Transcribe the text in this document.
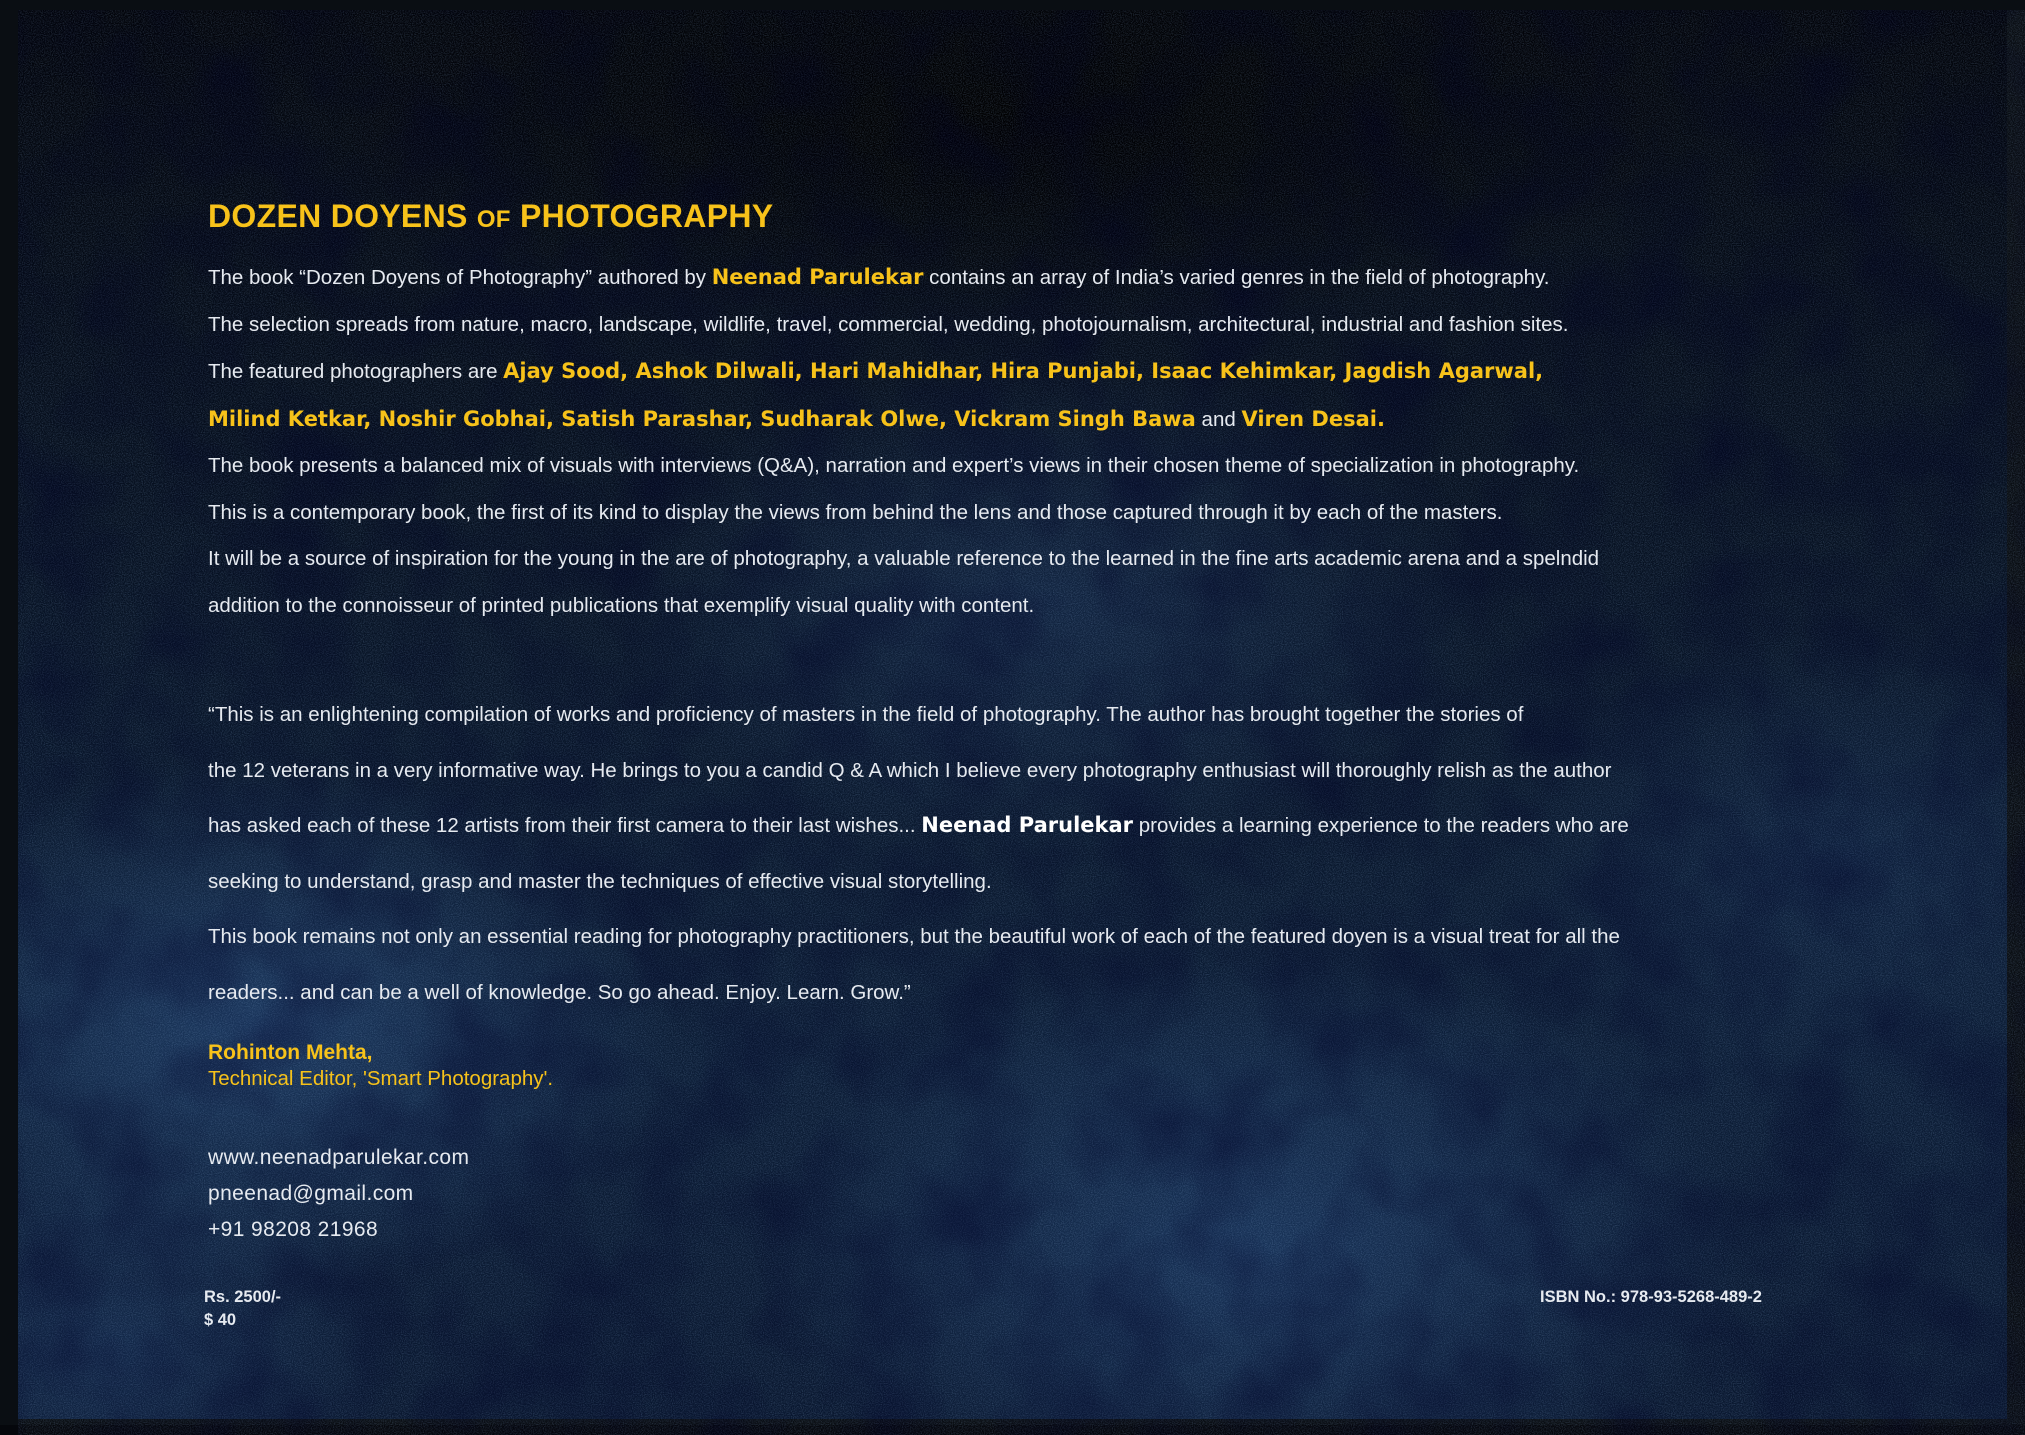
DOZEN DOYENS OF PHOTOGRAPHY
The book “Dozen Doyens of Photography” authored by Neenad Parulekar contains an array of India’s varied genres in the field of photography.
The selection spreads from nature, macro, landscape, wildlife, travel, commercial, wedding, photojournalism, architectural, industrial and fashion sites.
The featured photographers are Ajay Sood, Ashok Dilwali, Hari Mahidhar, Hira Punjabi, Isaac Kehimkar, Jagdish Agarwal,
Milind Ketkar, Noshir Gobhai, Satish Parashar, Sudharak Olwe, Vickram Singh Bawa and Viren Desai.
The book presents a balanced mix of visuals with interviews (Q&A), narration and expert’s views in their chosen theme of specialization in photography.
This is a contemporary book, the first of its kind to display the views from behind the lens and those captured through it by each of the masters.
It will be a source of inspiration for the young in the are of photography, a valuable reference to the learned in the fine arts academic arena and a spelndid
addition to the connoisseur of printed publications that exemplify visual quality with content.
“This is an enlightening compilation of works and proficiency of masters in the field of photography. The author has brought together the stories of
the 12 veterans in a very informative way. He brings to you a candid Q & A which I believe every photography enthusiast will thoroughly relish as the author
has asked each of these 12 artists from their first camera to their last wishes... Neenad Parulekar provides a learning experience to the readers who are
seeking to understand, grasp and master the techniques of effective visual storytelling.
This book remains not only an essential reading for photography practitioners, but the beautiful work of each of the featured doyen is a visual treat for all the
readers... and can be a well of knowledge. So go ahead. Enjoy. Learn. Grow.”
Rohinton Mehta,
Technical Editor, 'Smart Photography'.
www.neenadparulekar.com
pneenad@gmail.com
+91 98208 21968
Rs. 2500/-
$ 40
ISBN No.: 978-93-5268-489-2
